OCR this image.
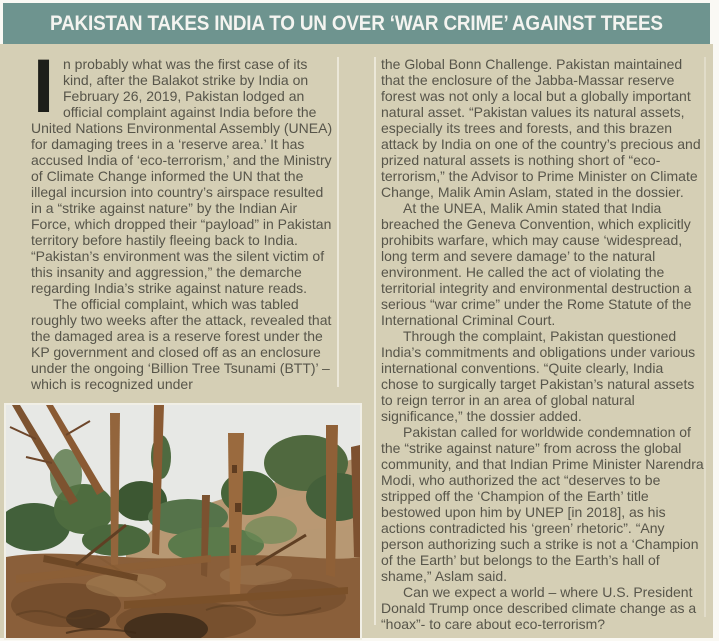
PAKISTAN TAKES INDIA TO UN OVER ‘WAR CRIME’ AGAINST TREES

In probably what was the first case of its kind, after the Balakot strike by India on February 26, 2019, Pakistan lodged an official complaint against India before the United Nations Environmental Assembly (UNEA) for damaging trees in a ‘reserve area.’ It has accused India of ‘eco-terrorism,’ and the Ministry of Climate Change informed the UN that the illegal incursion into country’s airspace resulted in a “strike against nature” by the Indian Air Force, which dropped their “payload” in Pakistan territory before hastily fleeing back to India. “Pakistan’s environment was the silent victim of this insanity and aggression,” the demarche regarding India’s strike against nature reads.

The official complaint, which was tabled roughly two weeks after the attack, revealed that the damaged area is a reserve forest under the KP government and closed off as an enclosure under the ongoing ‘Billion Tree Tsunami (BTT)’ – which is recognized under

the Global Bonn Challenge. Pakistan maintained that the enclosure of the Jabba-Massar reserve forest was not only a local but a globally important natural asset. “Pakistan values its natural assets, especially its trees and forests, and this brazen attack by India on one of the country’s precious and prized natural assets is nothing short of “eco-terrorism,” the Advisor to Prime Minister on Climate Change, Malik Amin Aslam, stated in the dossier.

At the UNEA, Malik Amin stated that India breached the Geneva Convention, which explicitly prohibits warfare, which may cause ‘widespread, long term and severe damage’ to the natural environment. He called the act of violating the territorial integrity and environmental destruction a serious “war crime” under the Rome Statute of the International Criminal Court.

Through the complaint, Pakistan questioned India’s commitments and obligations under various international conventions. “Quite clearly, India chose to surgically target Pakistan’s natural assets to reign terror in an area of global natural significance,” the dossier added.

Pakistan called for worldwide condemnation of the “strike against nature” from across the global community, and that Indian Prime Minister Narendra Modi, who authorized the act “deserves to be stripped off the ‘Champion of the Earth’ title bestowed upon him by UNEP [in 2018], as his actions contradicted his ‘green’ rhetoric”. “Any person authorizing such a strike is not a ‘Champion of the Earth’ but belongs to the Earth’s hall of shame,” Aslam said.

Can we expect a world – where U.S. President Donald Trump once described climate change as a “hoax”- to care about eco-terrorism?
